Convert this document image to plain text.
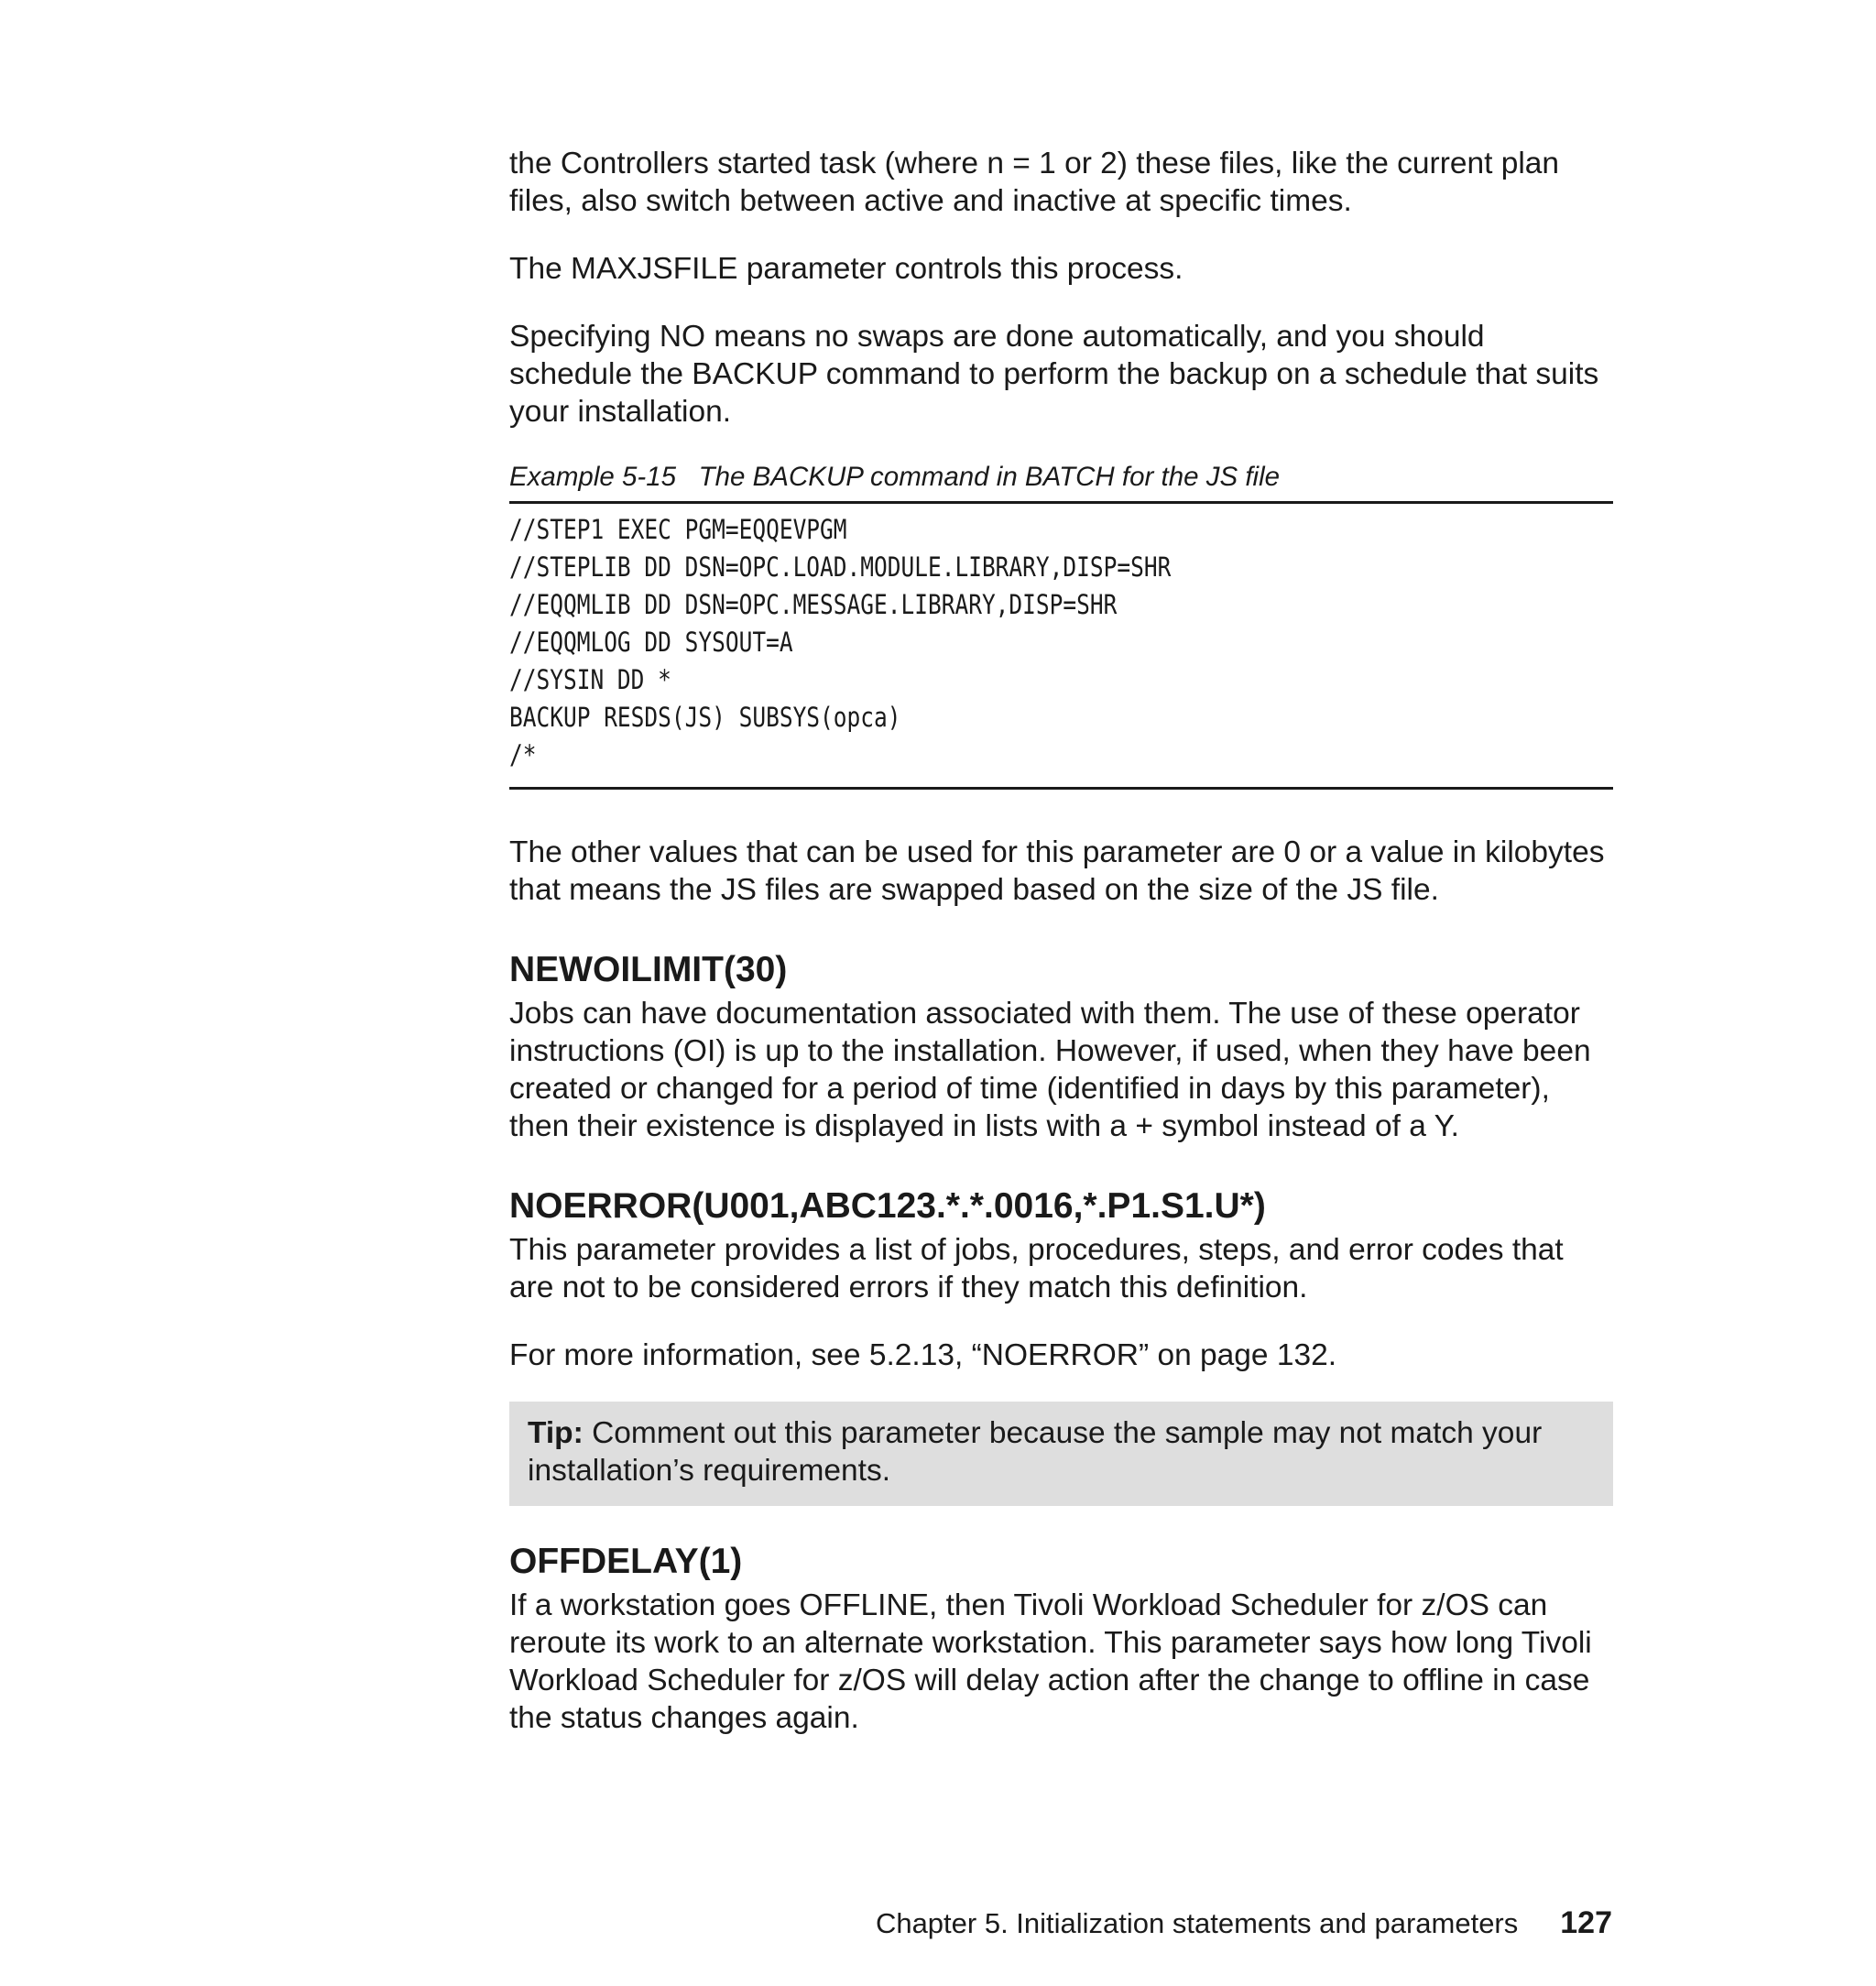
the Controllers started task (where n = 1 or 2) these files, like the current plan files, also switch between active and inactive at specific times.

The MAXJSFILE parameter controls this process.

Specifying NO means no swaps are done automatically, and you should schedule the BACKUP command to perform the backup on a schedule that suits your installation.

Example 5-15   The BACKUP command in BATCH for the JS file
//STEP1 EXEC PGM=EQQEVPGM
//STEPLIB DD DSN=OPC.LOAD.MODULE.LIBRARY,DISP=SHR
//EQQMLIB DD DSN=OPC.MESSAGE.LIBRARY,DISP=SHR
//EQQMLOG DD SYSOUT=A
//SYSIN DD *
BACKUP RESDS(JS) SUBSYS(opca)
/*

The other values that can be used for this parameter are 0 or a value in kilobytes that means the JS files are swapped based on the size of the JS file.

NEWOILIMIT(30)

Jobs can have documentation associated with them. The use of these operator instructions (OI) is up to the installation. However, if used, when they have been created or changed for a period of time (identified in days by this parameter), then their existence is displayed in lists with a + symbol instead of a Y.

NOERROR(U001,ABC123.*.*.0016,*.P1.S1.U*)

This parameter provides a list of jobs, procedures, steps, and error codes that are not to be considered errors if they match this definition.

For more information, see 5.2.13, “NOERROR” on page 132.

Tip: Comment out this parameter because the sample may not match your installation’s requirements.

OFFDELAY(1)

If a workstation goes OFFLINE, then Tivoli Workload Scheduler for z/OS can reroute its work to an alternate workstation. This parameter says how long Tivoli Workload Scheduler for z/OS will delay action after the change to offline in case the status changes again.

Chapter 5. Initialization statements and parameters 127
